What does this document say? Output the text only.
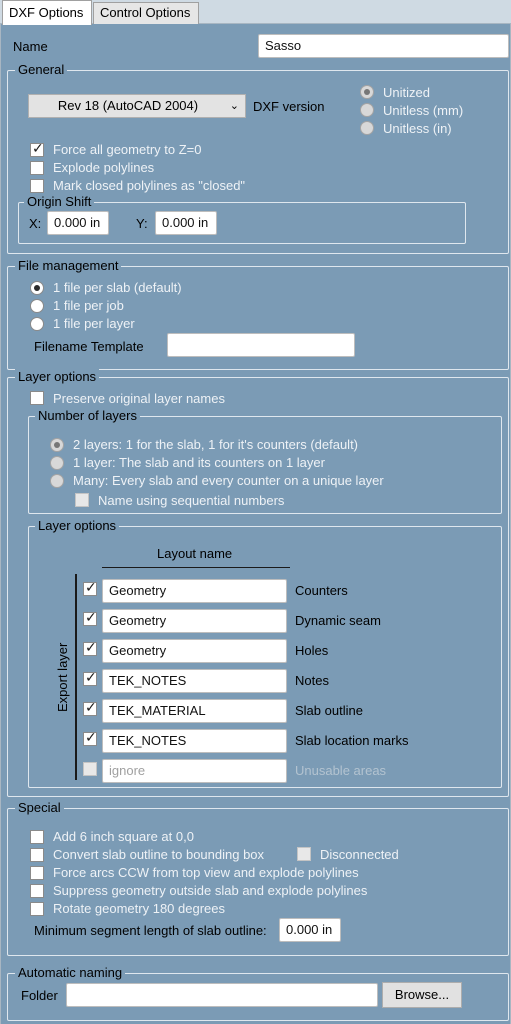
DXF Options	Control Options
Name	Sasso
General
Rev 18 (AutoCAD 2004)	⌄ DXF version
Unitized
Unitless (mm)
Unitless (in)
✓
Force all geometry to Z=0
Explode polylines
Mark closed polylines as "closed"
Origin Shift
X: 0.000 in	Y:	0.000 in
File management
1 file per slab (default)
1 file per job
1 file per layer
Filename Template
Layer options
Preserve original layer names
Number of layers
2 layers: 1 for the slab, 1 for it's counters (default)
1 layer: The slab and its counters on 1 layer
Many: Every slab and every counter on a unique layer
Name using sequential numbers
Layer options
Layout name
Export layer
✓
Geometry	Counters
✓
Geometry	Dynamic seam
✓
Geometry	Holes
✓
TEK_NOTES	Notes
✓
TEK_MATERIAL	Slab outline
✓
TEK_NOTES	Slab location marks
ignore	Unusable areas
Special
Add 6 inch square at 0,0
Convert slab outline to bounding box	Disconnected
Force arcs CCW from top view and explode polylines
Suppress geometry outside slab and explode polylines
Rotate geometry 180 degrees
Minimum segment length of slab outline:	0.000 in
Automatic naming
Folder	Browse...
